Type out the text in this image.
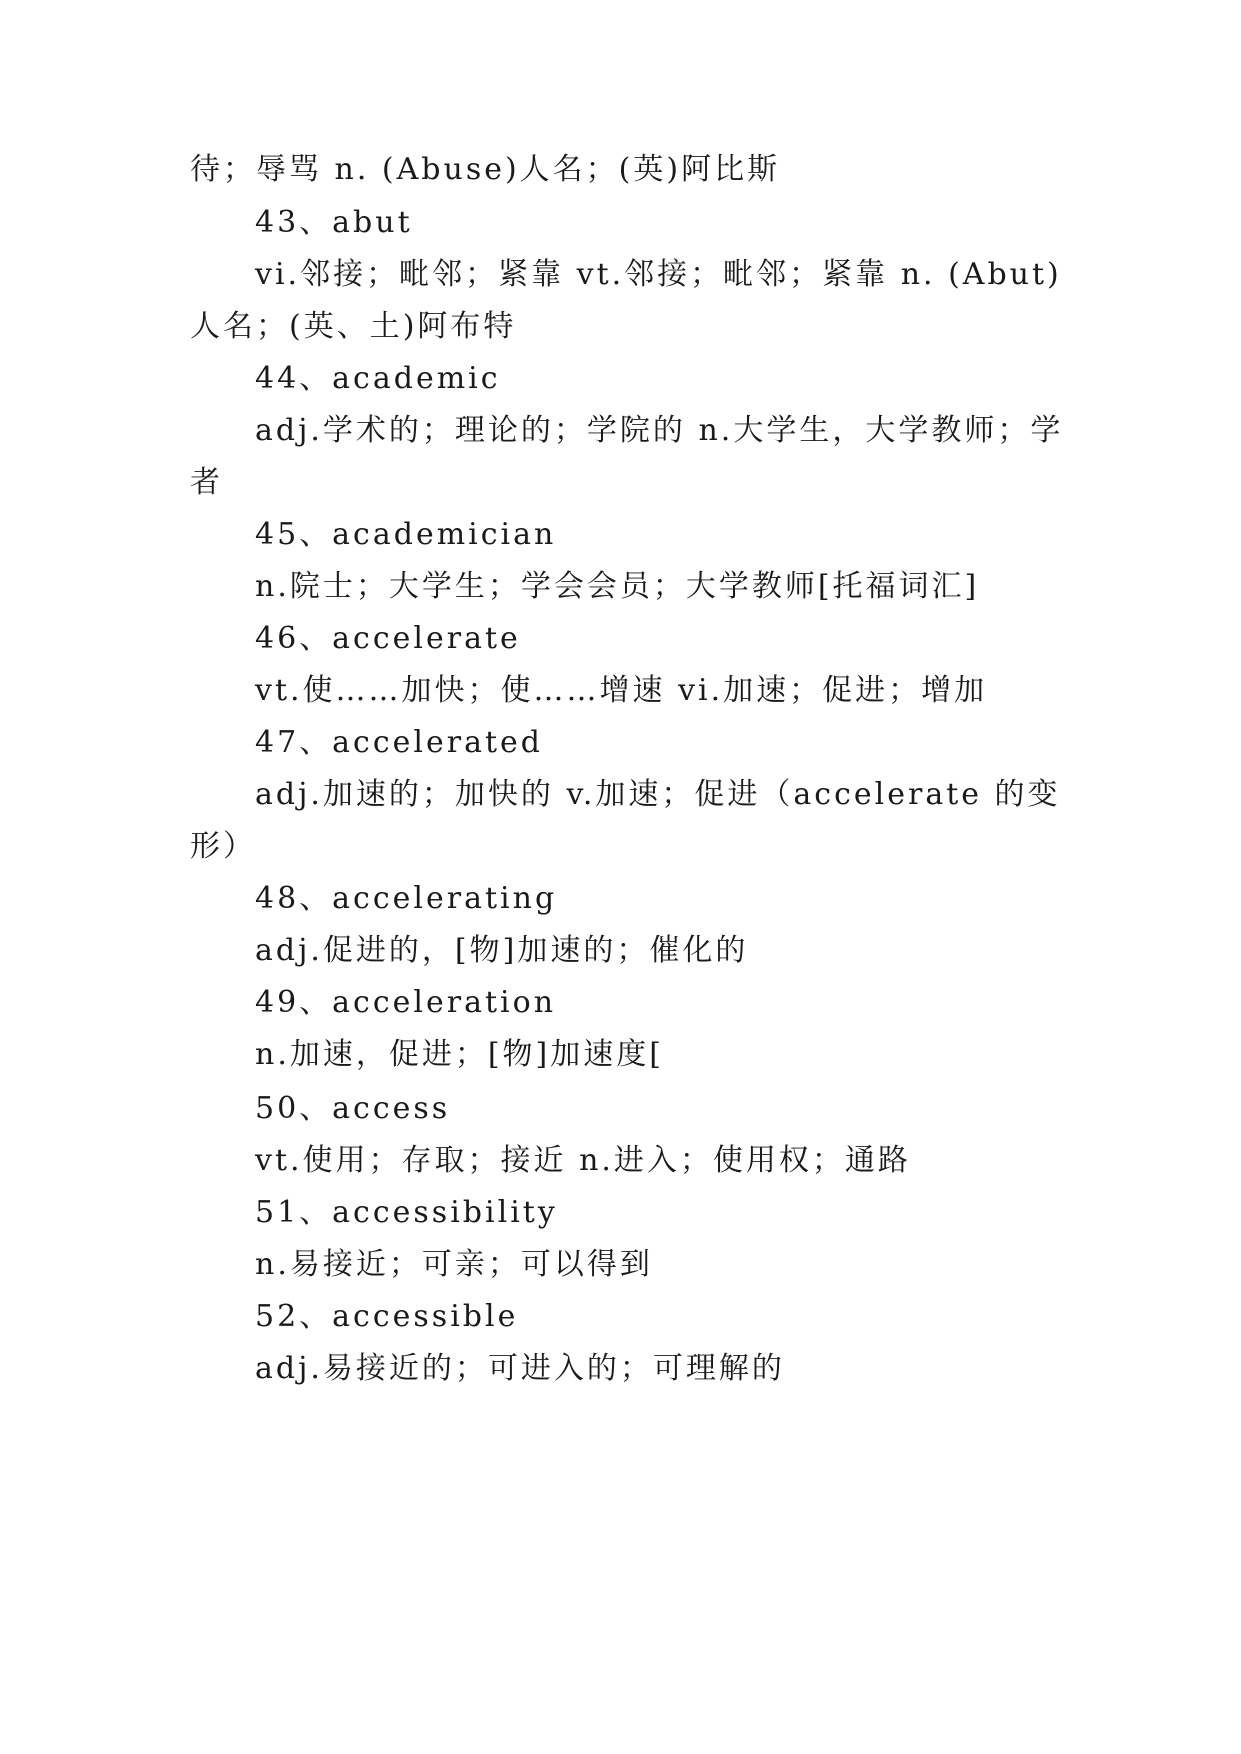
待；辱骂 n. (Abuse)人名；(英)阿比斯
43、abut
vi.邻接；毗邻；紧靠 vt.邻接；毗邻；紧靠 n. (Abut)
人名；(英、土)阿布特
44、academic
adj.学术的；理论的；学院的 n.大学生，大学教师；学
者
45、academician
n.院士；大学生；学会会员；大学教师[托福词汇]
46、accelerate
vt.使……加快；使……增速 vi.加速；促进；增加
47、accelerated
adj.加速的；加快的 v.加速；促进（accelerate 的变
形）
48、accelerating
adj.促进的，[物]加速的；催化的
49、acceleration
n.加速，促进；[物]加速度[
50、access
vt.使用；存取；接近 n.进入；使用权；通路
51、accessibility
n.易接近；可亲；可以得到
52、accessible
adj.易接近的；可进入的；可理解的
